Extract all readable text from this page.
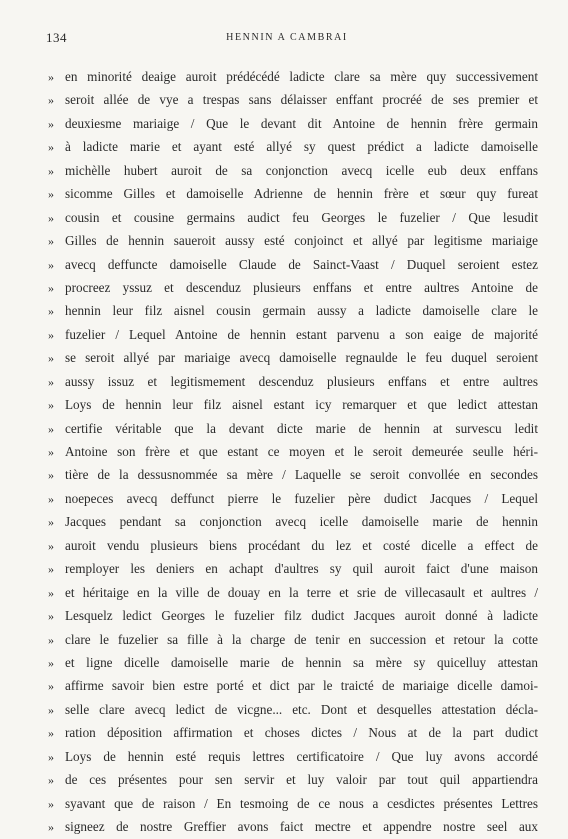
134	HENNIN A CAMBRAI
» en minorité deaige auroit prédécédé ladicte clare sa mère quy successivement
» seroit allée de vye a trespas sans délaisser enffant procréé de ses premier et
» deuxiesme mariaige / Que le devant dit Antoine de hennin frère germain
» à ladicte marie et ayant esté allyé sy quest prédict a ladicte damoiselle
» michèlle hubert auroit de sa conjonction avecq icelle eub deux enffans
» sicomme Gilles et damoiselle Adrienne de hennin frère et sœur quy fureat
» cousin et cousine germains audict feu Georges le fuzelier / Que lesudit
» Gilles de hennin saueroit aussy esté conjoinct et allyé par legitisme mariaige
» avecq deffuncte damoiselle Claude de Sainct-Vaast / Duquel seroient estez
» procreez yssuz et descenduz plusieurs enffans et entre aultres Antoine de
» hennin leur filz aisnel cousin germain aussy a ladicte damoiselle clare le
» fuzelier / Lequel Antoine de hennin estant parvenu a son eaige de majorité
» se seroit allyé par mariaige avecq damoiselle regnaulde le feu duquel seroient
» aussy issuz et legitismement descenduz plusieurs enffans et entre aultres
» Loys de hennin leur filz aisnel estant icy remarquer et que ledict attestan
» certifie véritable que la devant dicte marie de hennin at survescu ledit
» Antoine son frère et que estant ce moyen et le seroit demeurée seulle héri-
» tière de la dessusnommée sa mère / Laquelle se seroit convollée en secondes
» noepeces avecq deffunct pierre le fuzelier père dudict Jacques / Lequel
» Jacques pendant sa conjonction avecq icelle damoiselle marie de hennin
» auroit vendu plusieurs biens procédant du lez et costé dicelle a effect de
» remployer les deniers en achapt d'aultres sy quil auroit faict d'une maison
» et héritaige en la ville de douay en la terre et srie de villecasault et aultres /
» Lesquelz ledict Georges le fuzelier filz dudict Jacques auroit donné à ladicte
» clare le fuzelier sa fille à la charge de tenir en succession et retour la cotte
» et ligne dicelle damoiselle marie de hennin sa mère sy quicelluy attestan
» affirme savoir bien estre porté et dict par le traicté de mariaige dicelle damoi-
» selle clare avecq ledict de vicgne... etc. Dont et desquelles attestation décla-
» ration déposition affirmation et choses dictes / Nous at de la part dudict
» Loys de hennin esté requis lettres certificatoire / Que luy avons accordé
» de ces présentes pour sen servir et luy valoir par tout quil appartiendra
» syavant que de raison / En tesmoing de ce nous a cesdictes présentes Lettres
» signeez de nostre Greffier avons faict mectre et appendre nostre seel aux
